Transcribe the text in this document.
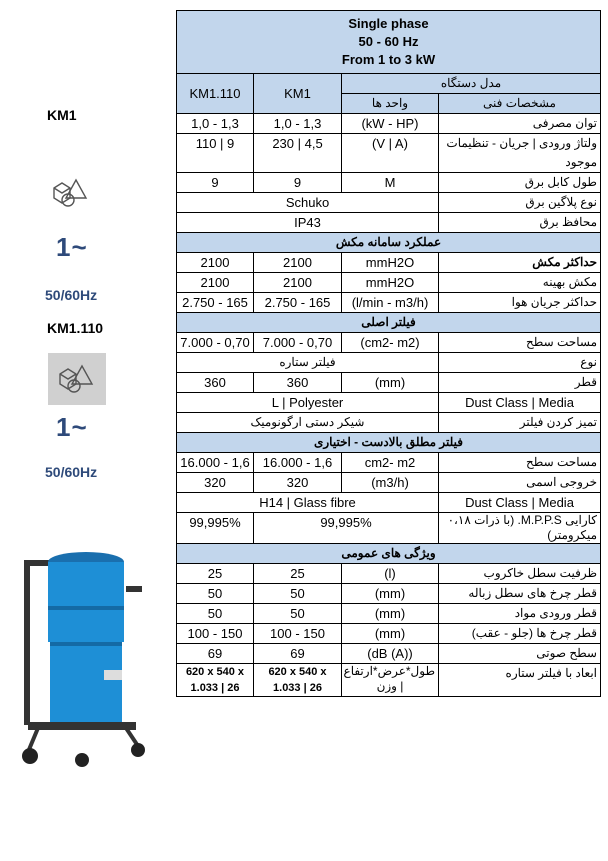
KM1
1~
50/60Hz
KM1.110
1~
50/60Hz
Single phase
50 - 60 Hz
From 1 to 3 kW			

KM1.110	KM1	مدل دستگاه	
		واحد ها	مشخصات فنی
1,0 - 1,3	1,0 - 1,3	(kW - HP)	توان مصرفی
110 | 9	230 | 4,5	(V | A)	ولتاژ ورودی | جریان - تنظیمات موجود
9	9	M	طول کابل برق
Schuko			نوع پلاگین برق
IP43			محافظ برق
عملکرد سامانه مکش			
2100	2100	mmH2O	حداکثر مکش
2100	2100	mmH2O	مکش بهینه
2.750 - 165	2.750 - 165	(l/min - m3/h)	حداکثر جریان هوا
فیلتر اصلی			
7.000 - 0,70	7.000 - 0,70	(cm2- m2)	مساحت سطح
فیلتر ستاره			نوع
360	360	(mm)	قطر
L | Polyester			Dust Class | Media
شیکر دستی ارگونومیک			تمیز کردن فیلتر
فیلتر مطلق بالادست - اختیاری			
16.000 - 1,6	16.000 - 1,6	cm2- m2	مساحت سطح
320	320	(m3/h)	خروجی اسمی
H14 | Glass fibre			Dust Class | Media
99,995%	99,995%		کارایی M.P.P.S. (با ذرات ۰،۱۸ میکرومتر)
ویژگی های عمومی			
25	25	(l)	ظرفیت سطل خاکروب
50	50	(mm)	قطر چرخ های سطل زباله
50	50	(mm)	قطر ورودی مواد
100 - 150	100 - 150	(mm)	قطر چرخ ها (جلو - عقب)
69	69	(dB (A))	سطح صوتی
620 x 540 x 1.033 | 26	620 x 540 x 1.033 | 26	طول*عرض*ارتفاع | وزن	ابعاد با فیلتر ستاره
